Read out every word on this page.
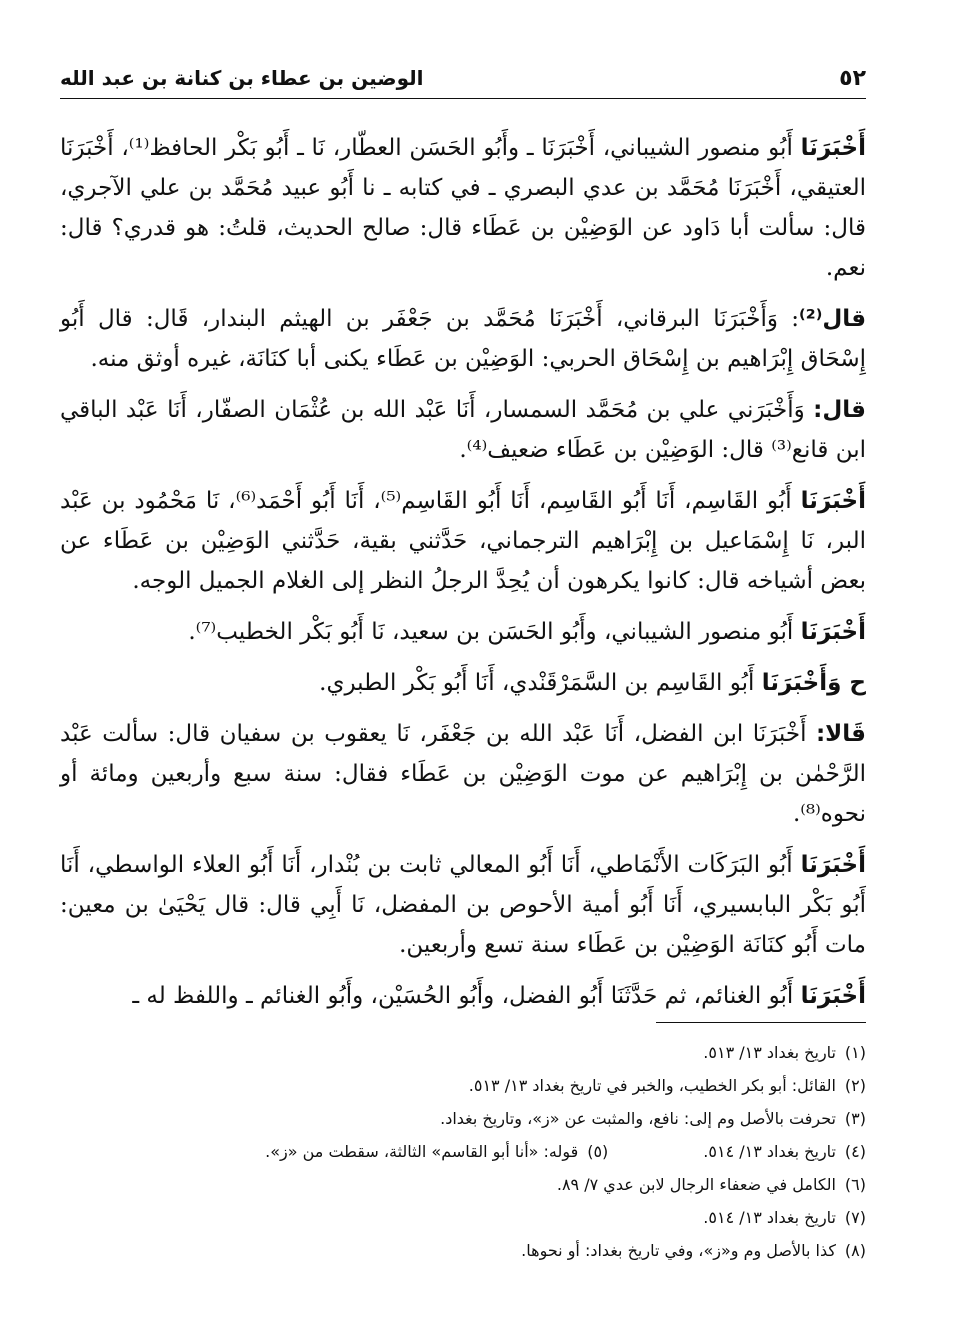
٥٢
الوضين بن عطاء بن كنانة بن عبد الله

أَخْبَرَنَا أَبُو منصور الشيباني، أَخْبَرَنَا ـ وأَبُو الحَسَن العطّار، نَا ـ أَبُو بَكْر الحافظ⁽¹⁾، أَخْبَرَنَا العتيقي، أَخْبَرَنَا مُحَمَّد بن عدي البصري ـ في كتابه ـ نا أَبُو عبيد مُحَمَّد بن علي الآجري، قال: سألت أبا دَاود عن الوَضِيْن بن عَطَاء قال: صالح الحديث، قلتُ: هو قدري؟ قال: نعم.

قال⁽²⁾: وَأَخْبَرَنَا البرقاني، أَخْبَرَنَا مُحَمَّد بن جَعْفَر بن الهيثم البندار، قَال: قال أَبُو إِسْحَاق إِبْرَاهيم بن إِسْحَاق الحربي: الوَضِيْن بن عَطَاء يكنى أبا كنَانَة، غيره أوثق منه.

قال: وَأَخْبَرَني علي بن مُحَمَّد السمسار، أَنَا عَبْد الله بن عُثْمَان الصفّار، أَنَا عَبْد الباقي ابن قانع⁽³⁾ قال: الوَضِيْن بن عَطَاء ضعيف⁽⁴⁾.

أَخْبَرَنَا أَبُو القَاسِم، أَنَا أَبُو القَاسِم، أَنَا أَبُو القَاسِم⁽⁵⁾، أَنَا أَبُو أَحْمَد⁽⁶⁾، نَا مَحْمُود بن عَبْد البر، نَا إِسْمَاعيل بن إِبْرَاهيم الترجماني، حَدَّثني بقية، حَدَّثني الوَضِيْن بن عَطَاء عن بعض أشياخه قال: كانوا يكرهون أن يُحِدَّ الرجلُ النظر إلى الغلام الجميل الوجه.

أَخْبَرَنَا أَبُو منصور الشيباني، وأَبُو الحَسَن بن سعيد، نَا أَبُو بَكْر الخطيب⁽⁷⁾.

ح وَأَخْبَرَنَا أَبُو القَاسِم بن السَّمَرْقَنْدي، أَنَا أَبُو بَكْر الطبري.

قَالا: أَخْبَرَنَا ابن الفضل، أَنَا عَبْد الله بن جَعْفَر، نَا يعقوب بن سفيان قال: سألت عَبْد الرَّحْمٰن بن إِبْرَاهيم عن موت الوَضِيْن بن عَطَاء فقال: سنة سبع وأربعين ومائة أو نحوه⁽⁸⁾.

أَخْبَرَنَا أَبُو البَرَكَات الأَنْمَاطي، أَنَا أَبُو المعالي ثابت بن بُنْدار، أَنَا أَبُو العلاء الواسطي، أَنَا أَبُو بَكْر البابسيري، أَنَا أَبُو أمية الأحوص بن المفضل، نَا أَبِي قال: قال يَحْيَىٰ بن معين: مات أَبُو كنَانَة الوَضِيْن بن عَطَاء سنة تسع وأربعين.

أَخْبَرَنَا أَبُو الغنائم، ثم حَدَّثَنَا أَبُو الفضل، وأَبُو الحُسَيْن، وأَبُو الغنائم ـ واللفظ له ـ

(١)
تاريخ بغداد ١٣/ ٥١٣.
(٢)
القائل: أبو بكر الخطيب، والخبر في تاريخ بغداد ١٣/ ٥١٣.
(٣)
تحرفت بالأصل وم إلى: نافع، والمثبت عن «ز»، وتاريخ بغداد.
(٤)
تاريخ بغداد ١٣/ ٥١٤.
(٥)
قوله: «أنا أبو القاسم» الثالثة، سقطت من «ز».
(٦)
الكامل في ضعفاء الرجال لابن عدي ٧/ ٨٩.
(٧)
تاريخ بغداد ١٣/ ٥١٤.
(٨)
كذا بالأصل وم و«ز»، وفي تاريخ بغداد: أو نحوها.
